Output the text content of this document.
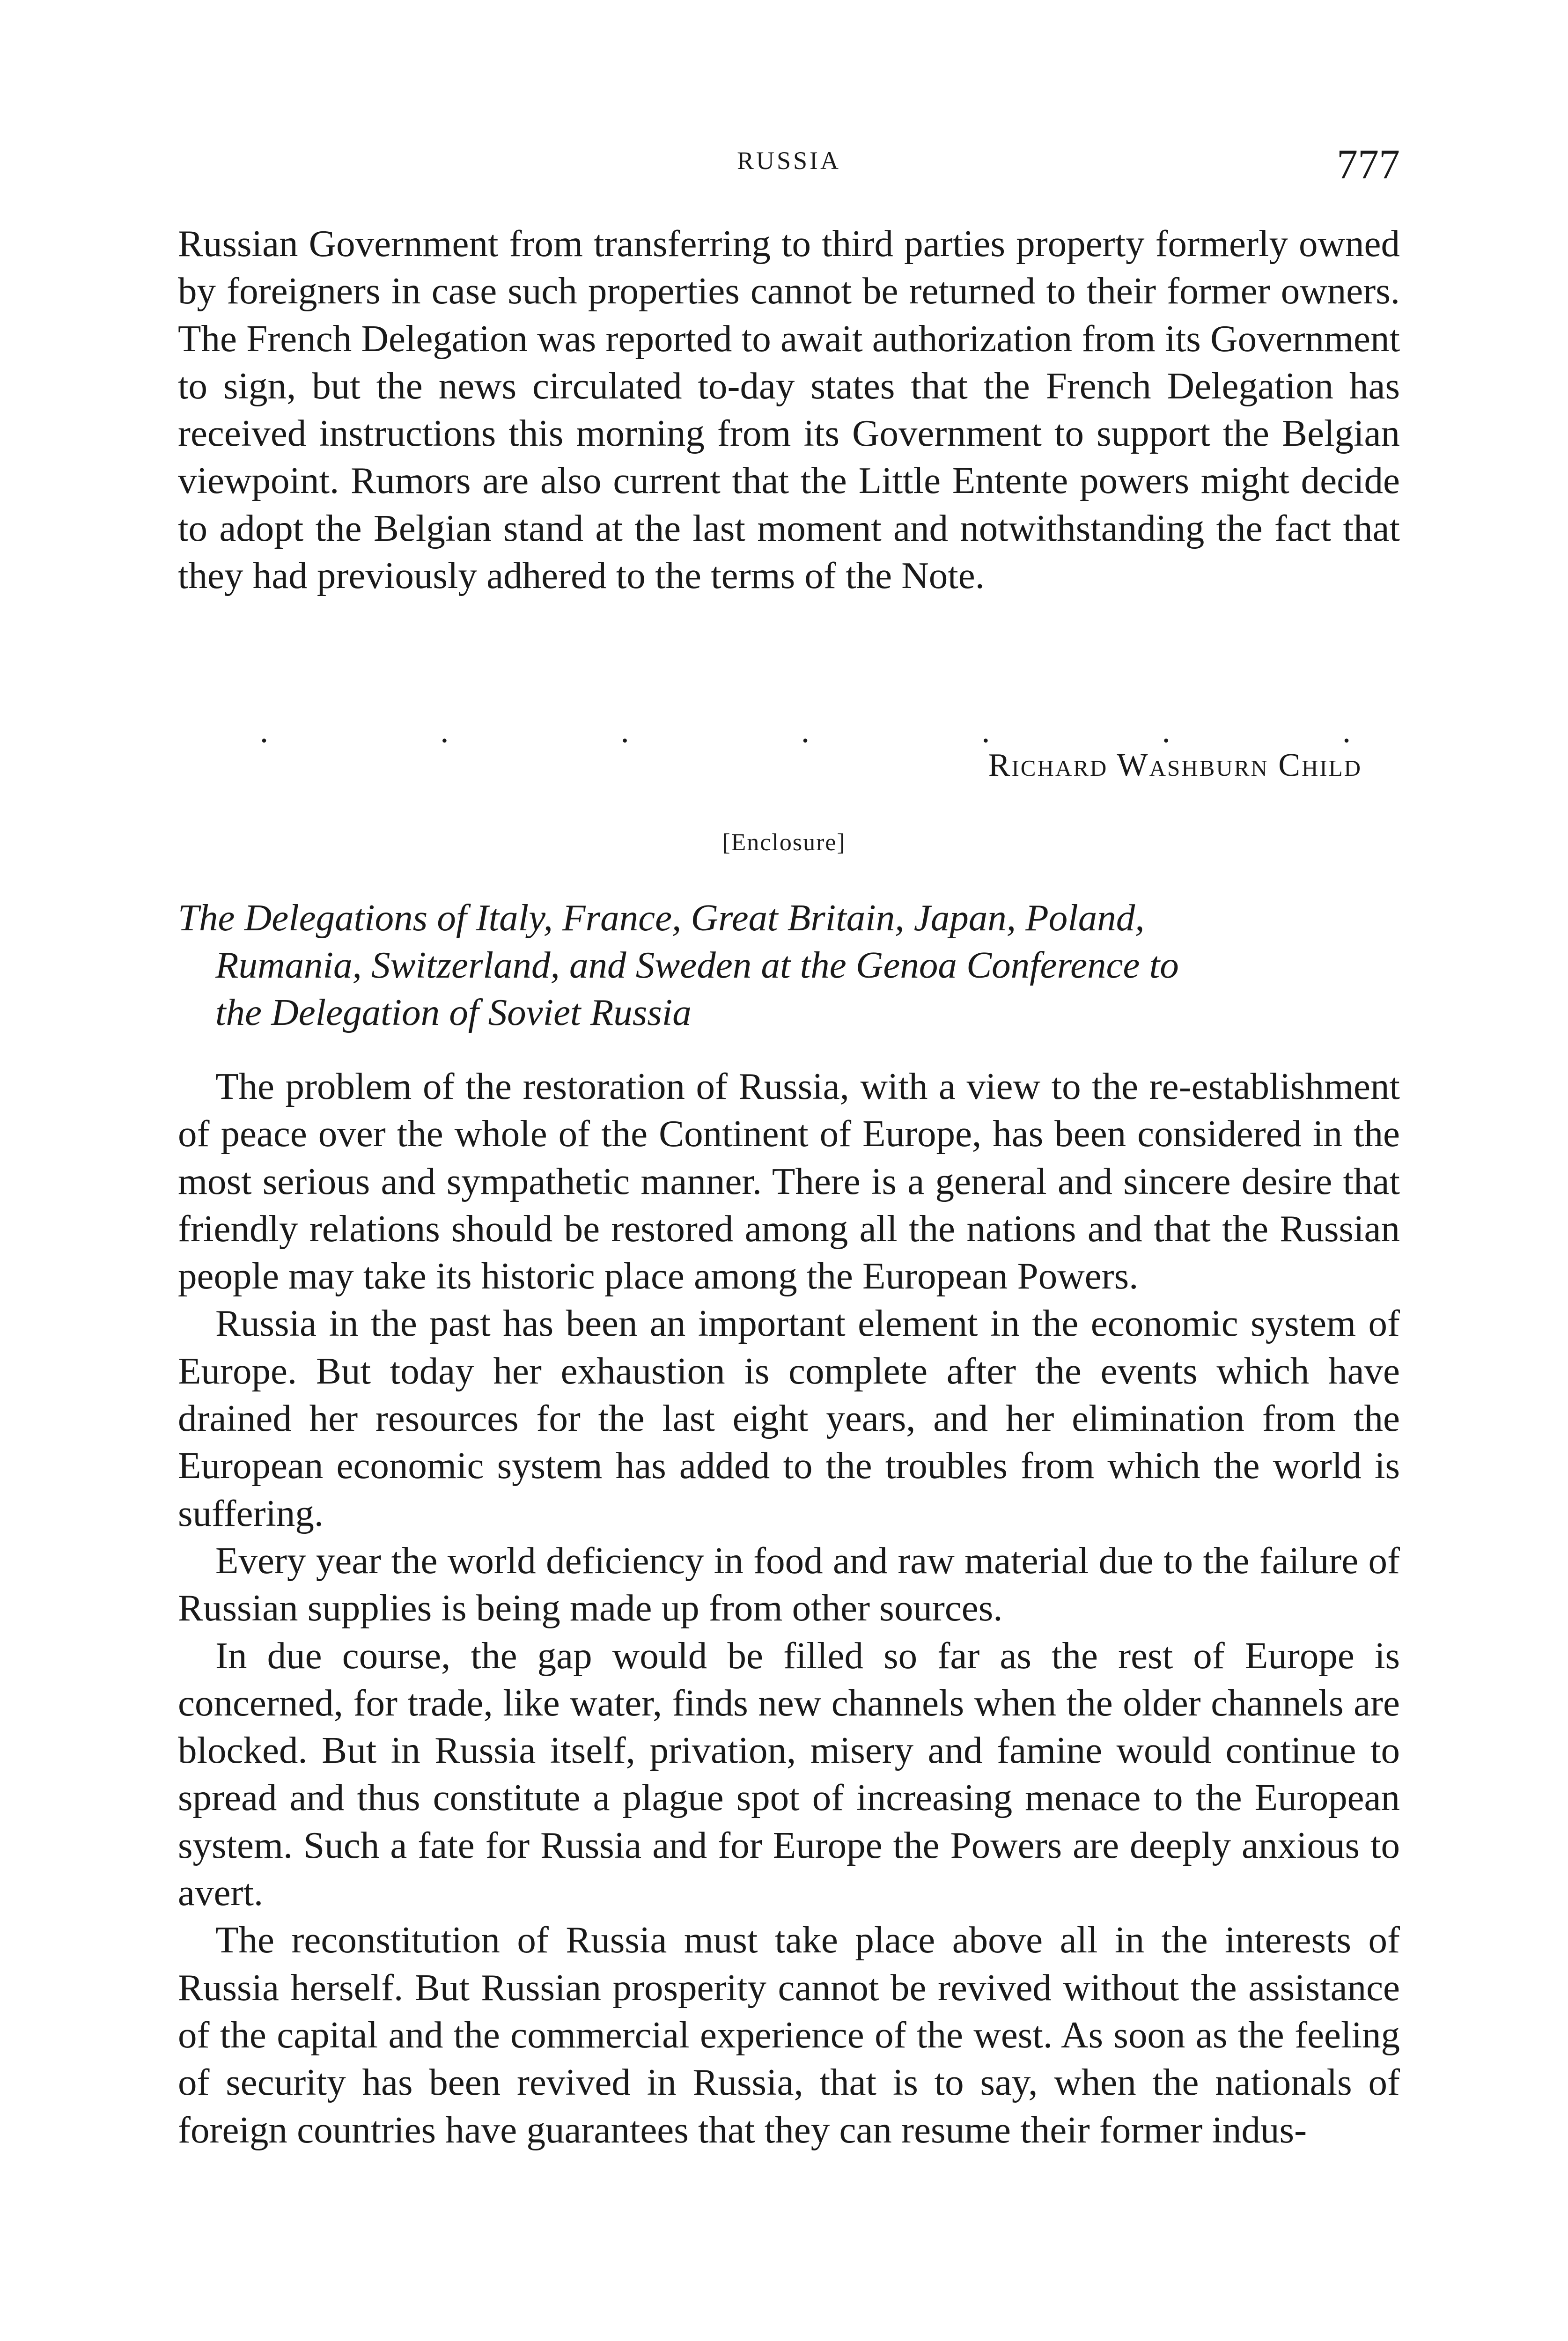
RUSSIA	777

Russian Government from transferring to third parties property formerly owned by foreigners in case such properties cannot be returned to their former owners. The French Delegation was reported to await authorization from its Government to sign, but the news circulated to-day states that the French Delegation has received instructions this morning from its Government to support the Belgian viewpoint. Rumors are also current that the Little Entente powers might decide to adopt the Belgian stand at the last moment and notwithstanding the fact that they had previously adhered to the terms of the Note.

.	.	.	.	.	.	.
Richard Washburn Child
[Enclosure]
The Delegations of Italy, France, Great Britain, Japan, Poland,
Rumania, Switzerland, and Sweden at the Genoa Conference to
the Delegation of Soviet Russia

The problem of the restoration of Russia, with a view to the re-establishment of peace over the whole of the Continent of Europe, has been considered in the most serious and sympathetic manner. There is a general and sincere desire that friendly relations should be restored among all the nations and that the Russian people may take its historic place among the European Powers.

Russia in the past has been an important element in the economic system of Europe. But today her exhaustion is complete after the events which have drained her resources for the last eight years, and her elimination from the European economic system has added to the troubles from which the world is suffering.

Every year the world deficiency in food and raw material due to the failure of Russian supplies is being made up from other sources.

In due course, the gap would be filled so far as the rest of Europe is concerned, for trade, like water, finds new channels when the older channels are blocked. But in Russia itself, privation, misery and famine would continue to spread and thus constitute a plague spot of increasing menace to the European system. Such a fate for Russia and for Europe the Powers are deeply anxious to avert.

The reconstitution of Russia must take place above all in the interests of Russia herself. But Russian prosperity cannot be revived without the assistance of the capital and the commercial experience of the west. As soon as the feeling of security has been revived in Russia, that is to say, when the nationals of foreign countries have guarantees that they can resume their former indus-
